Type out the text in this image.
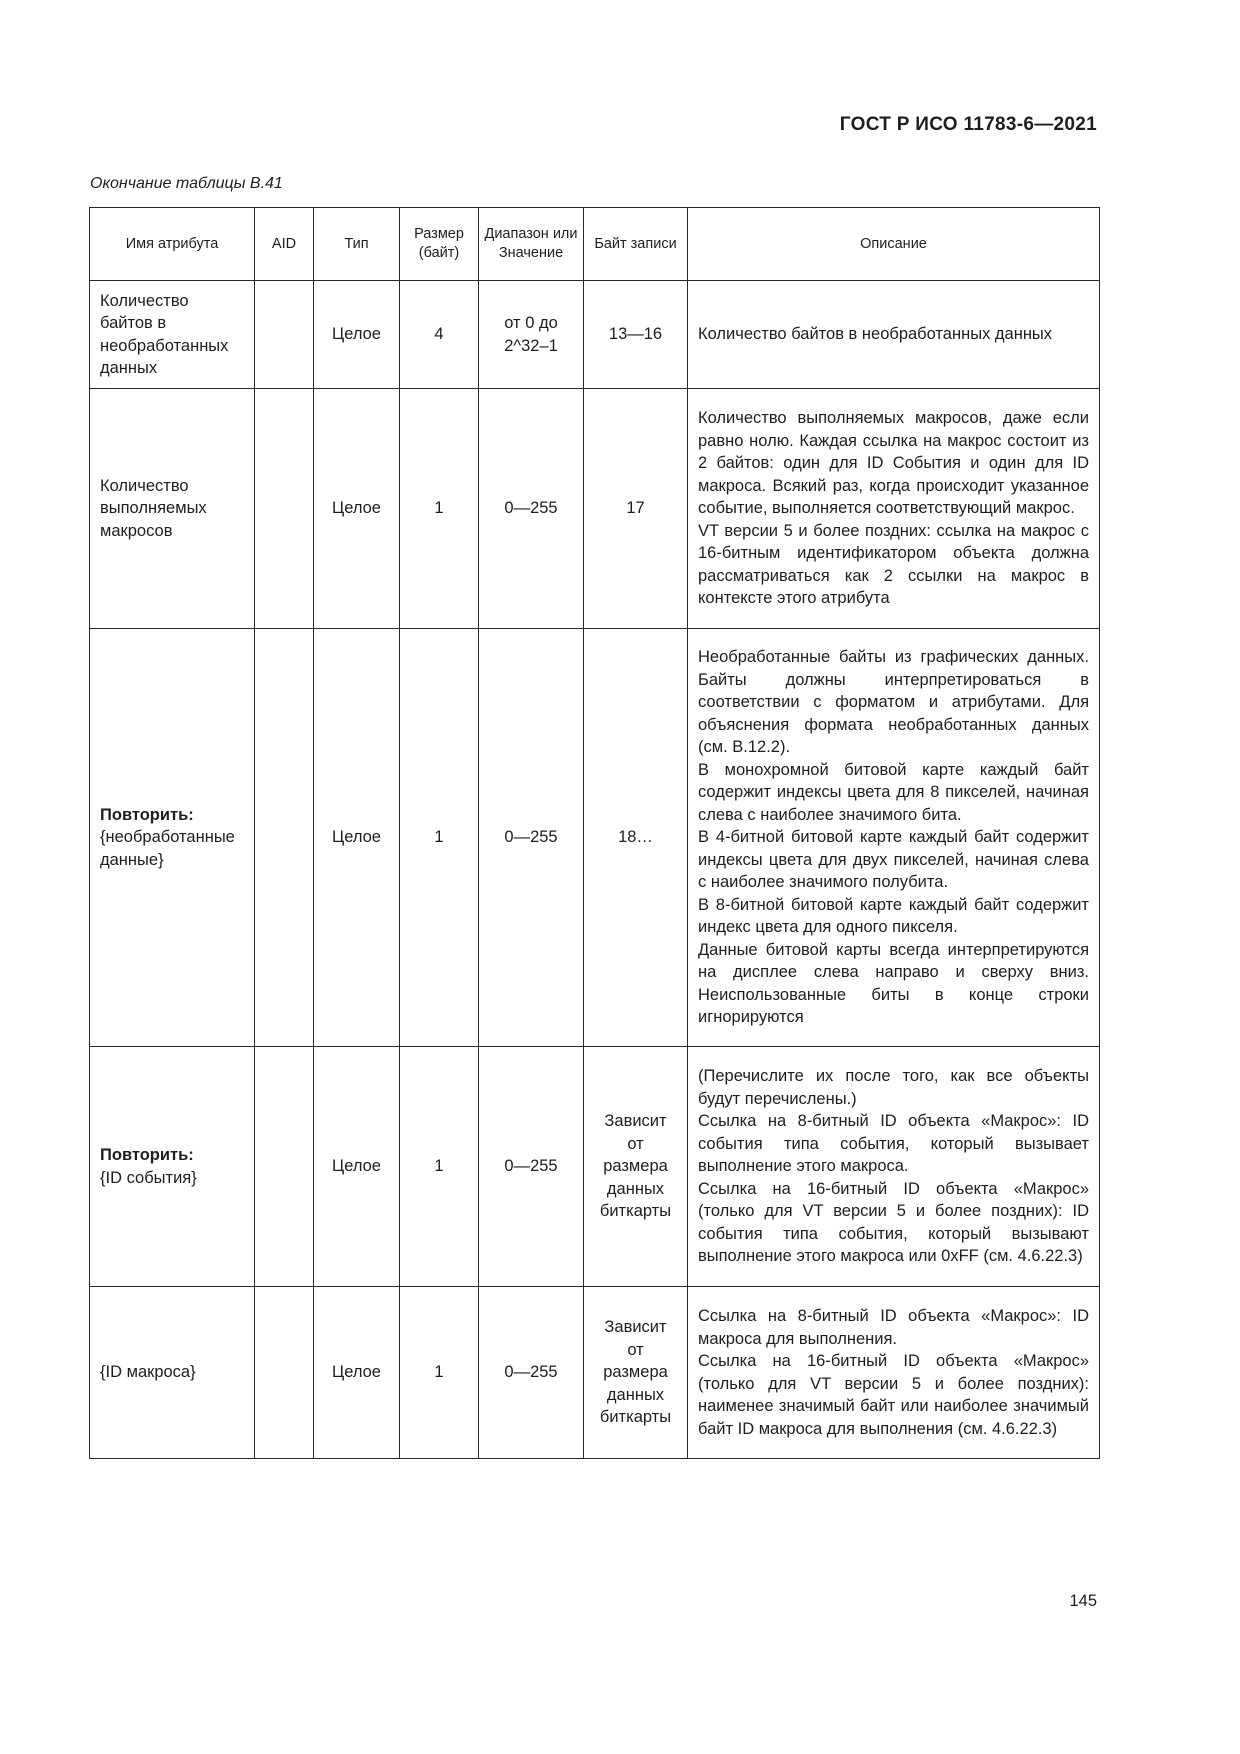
ГОСТ Р ИСО 11783-6—2021
Окончание таблицы В.41
Имя атрибута	AID	Тип	Размер (байт)	Диапазон или Значение	Байт записи	Описание

Количество байтов в необработанных данных		Целое	4	от 0 до 2^32–1	13—16	Количество байтов в необработанных данных

Количество выполняемых макросов		Целое	1	0—255	17	Количество выполняемых макросов, даже если равно нолю. Каждая ссылка на макрос состоит из 2 байтов: один для ID События и один для ID макроса. Всякий раз, когда происходит указанное событие, выполняется соответствующий макрос.
VT версии 5 и более поздних: ссылка на макрос с 16-битным идентификатором объекта должна рассматриваться как 2 ссылки на макрос в контексте этого атрибута

Повторить:
{необработанные данные}		Целое	1	0—255	18…	Необработанные байты из графических данных. Байты должны интерпретироваться в соответствии с форматом и атрибутами. Для объяснения формата необработанных данных (см. В.12.2).
В монохромной битовой карте каждый байт содержит индексы цвета для 8 пикселей, начиная слева с наиболее значимого бита.
В 4-битной битовой карте каждый байт содержит индексы цвета для двух пикселей, начиная слева с наиболее значимого полубита.
В 8-битной битовой карте каждый байт содержит индекс цвета для одного пикселя.
Данные битовой карты всегда интерпретируются на дисплее слева направо и сверху вниз. Неиспользованные биты в конце строки игнорируются

Повторить:
{ID события}		Целое	1	0—255	Зависит от размера данных биткарты	(Перечислите их после того, как все объекты будут перечислены.)
Ссылка на 8-битный ID объекта «Макрос»: ID события типа события, который вызывает выполнение этого макроса.
Ссылка на 16-битный ID объекта «Макрос» (только для VT версии 5 и более поздних): ID события типа события, который вызывают выполнение этого макроса или 0xFF (см. 4.6.22.3)

{ID макроса}		Целое	1	0—255	Зависит от размера данных биткарты	Ссылка на 8-битный ID объекта «Макрос»: ID макроса для выполнения.
Ссылка на 16-битный ID объекта «Макрос» (только для VT версии 5 и более поздних): наименее значимый байт или наиболее значимый байт ID макроса для выполнения (см. 4.6.22.3)
145
